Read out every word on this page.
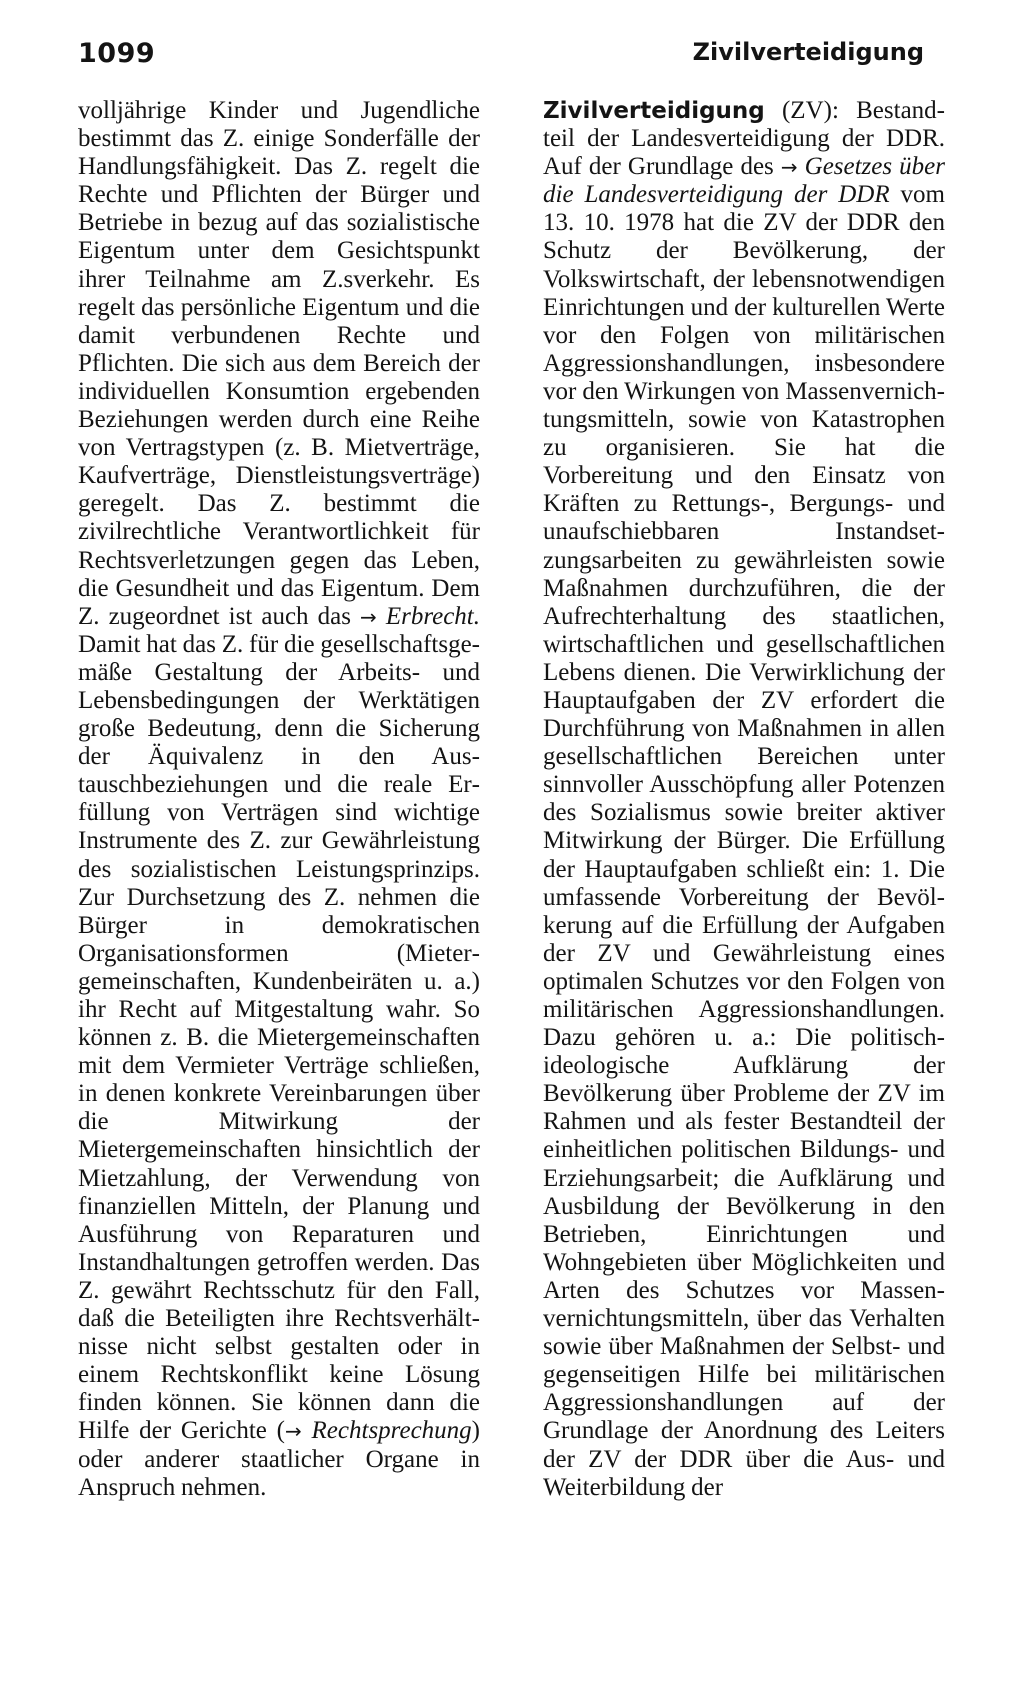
1099	Zivilverteidigung

volljährige Kinder und Jugendliche bestimmt das Z. einige Sonderfälle der Handlungsfähigkeit. Das Z. regelt die Rechte und Pflichten der Bürger und Betriebe in bezug auf das sozialistische Eigentum unter dem Gesichtspunkt ihrer Teilnahme am Z.sverkehr. Es regelt das persönliche Eigentum und die damit verbundenen Rechte und Pflichten. Die sich aus dem Bereich der individuellen Konsumtion ergebenden Beziehungen werden durch eine Reihe von Vertragstypen (z. B. Mietverträge, Kaufverträge, Dienstleistungsverträge) geregelt. Das Z. bestimmt die zivilrechtliche Verantwortlichkeit für Rechtsverletzungen gegen das Leben, die Gesundheit und das Eigentum. Dem Z. zugeordnet ist auch das → Erbrecht. Damit hat das Z. für die gesellschaftsgemäße Gestaltung der Arbeits- und Lebensbedingungen der Werktätigen große Bedeutung, denn die Sicherung der Äquivalenz in den Austauschbeziehungen und die reale Erfüllung von Verträgen sind wichtige Instrumente des Z. zur Gewährleistung des sozialistischen Leistungsprinzips. Zur Durchsetzung des Z. nehmen die Bürger in demokratischen Organisationsformen (Mietergemeinschaften, Kundenbeiräten u. a.) ihr Recht auf Mitgestaltung wahr. So können z. B. die Mietergemeinschaften mit dem Vermieter Verträge schließen, in denen konkrete Vereinbarungen über die Mitwirkung der Mietergemeinschaften hinsichtlich der Mietzahlung, der Verwendung von finanziellen Mitteln, der Planung und Ausführung von Reparaturen und Instandhaltungen getroffen werden. Das Z. gewährt Rechtsschutz für den Fall, daß die Beteiligten ihre Rechtsverhältnisse nicht selbst gestalten oder in einem Rechtskonflikt keine Lösung finden können. Sie können dann die Hilfe der Gerichte (→ Rechtsprechung) oder anderer staatlicher Organe in Anspruch nehmen.

Zivilverteidigung (ZV): Bestandteil der Landesverteidigung der DDR. Auf der Grundlage des → Gesetzes über die Landesverteidigung der DDR vom 13. 10. 1978 hat die ZV der DDR den Schutz der Bevölkerung, der Volkswirtschaft, der lebensnotwendigen Einrichtungen und der kulturellen Werte vor den Folgen von militärischen Aggressionshandlungen, insbesondere vor den Wirkungen von Massenvernichtungsmitteln, sowie von Katastrophen zu organisieren. Sie hat die Vorbereitung und den Einsatz von Kräften zu Rettungs-, Bergungs- und unaufschiebbaren Instandsetzungsarbeiten zu gewährleisten sowie Maßnahmen durchzuführen, die der Aufrechterhaltung des staatlichen, wirtschaftlichen und gesellschaftlichen Lebens dienen. Die Verwirklichung der Hauptaufgaben der ZV erfordert die Durchführung von Maßnahmen in allen gesellschaftlichen Bereichen unter sinnvoller Ausschöpfung aller Potenzen des Sozialismus sowie breiter aktiver Mitwirkung der Bürger. Die Erfüllung der Hauptaufgaben schließt ein: 1. Die umfassende Vorbereitung der Bevölkerung auf die Erfüllung der Aufgaben der ZV und Gewährleistung eines optimalen Schutzes vor den Folgen von militärischen Aggressionshandlungen. Dazu gehören u. a.: Die politisch-ideologische Aufklärung der Bevölkerung über Probleme der ZV im Rahmen und als fester Bestandteil der einheitlichen politischen Bildungs- und Erziehungsarbeit; die Aufklärung und Ausbildung der Bevölkerung in den Betrieben, Einrichtungen und Wohngebieten über Möglichkeiten und Arten des Schutzes vor Massenvernichtungsmitteln, über das Verhalten sowie über Maßnahmen der Selbst- und gegenseitigen Hilfe bei militärischen Aggressionshandlungen auf der Grundlage der Anordnung des Leiters der ZV der DDR über die Aus- und Weiterbildung der
